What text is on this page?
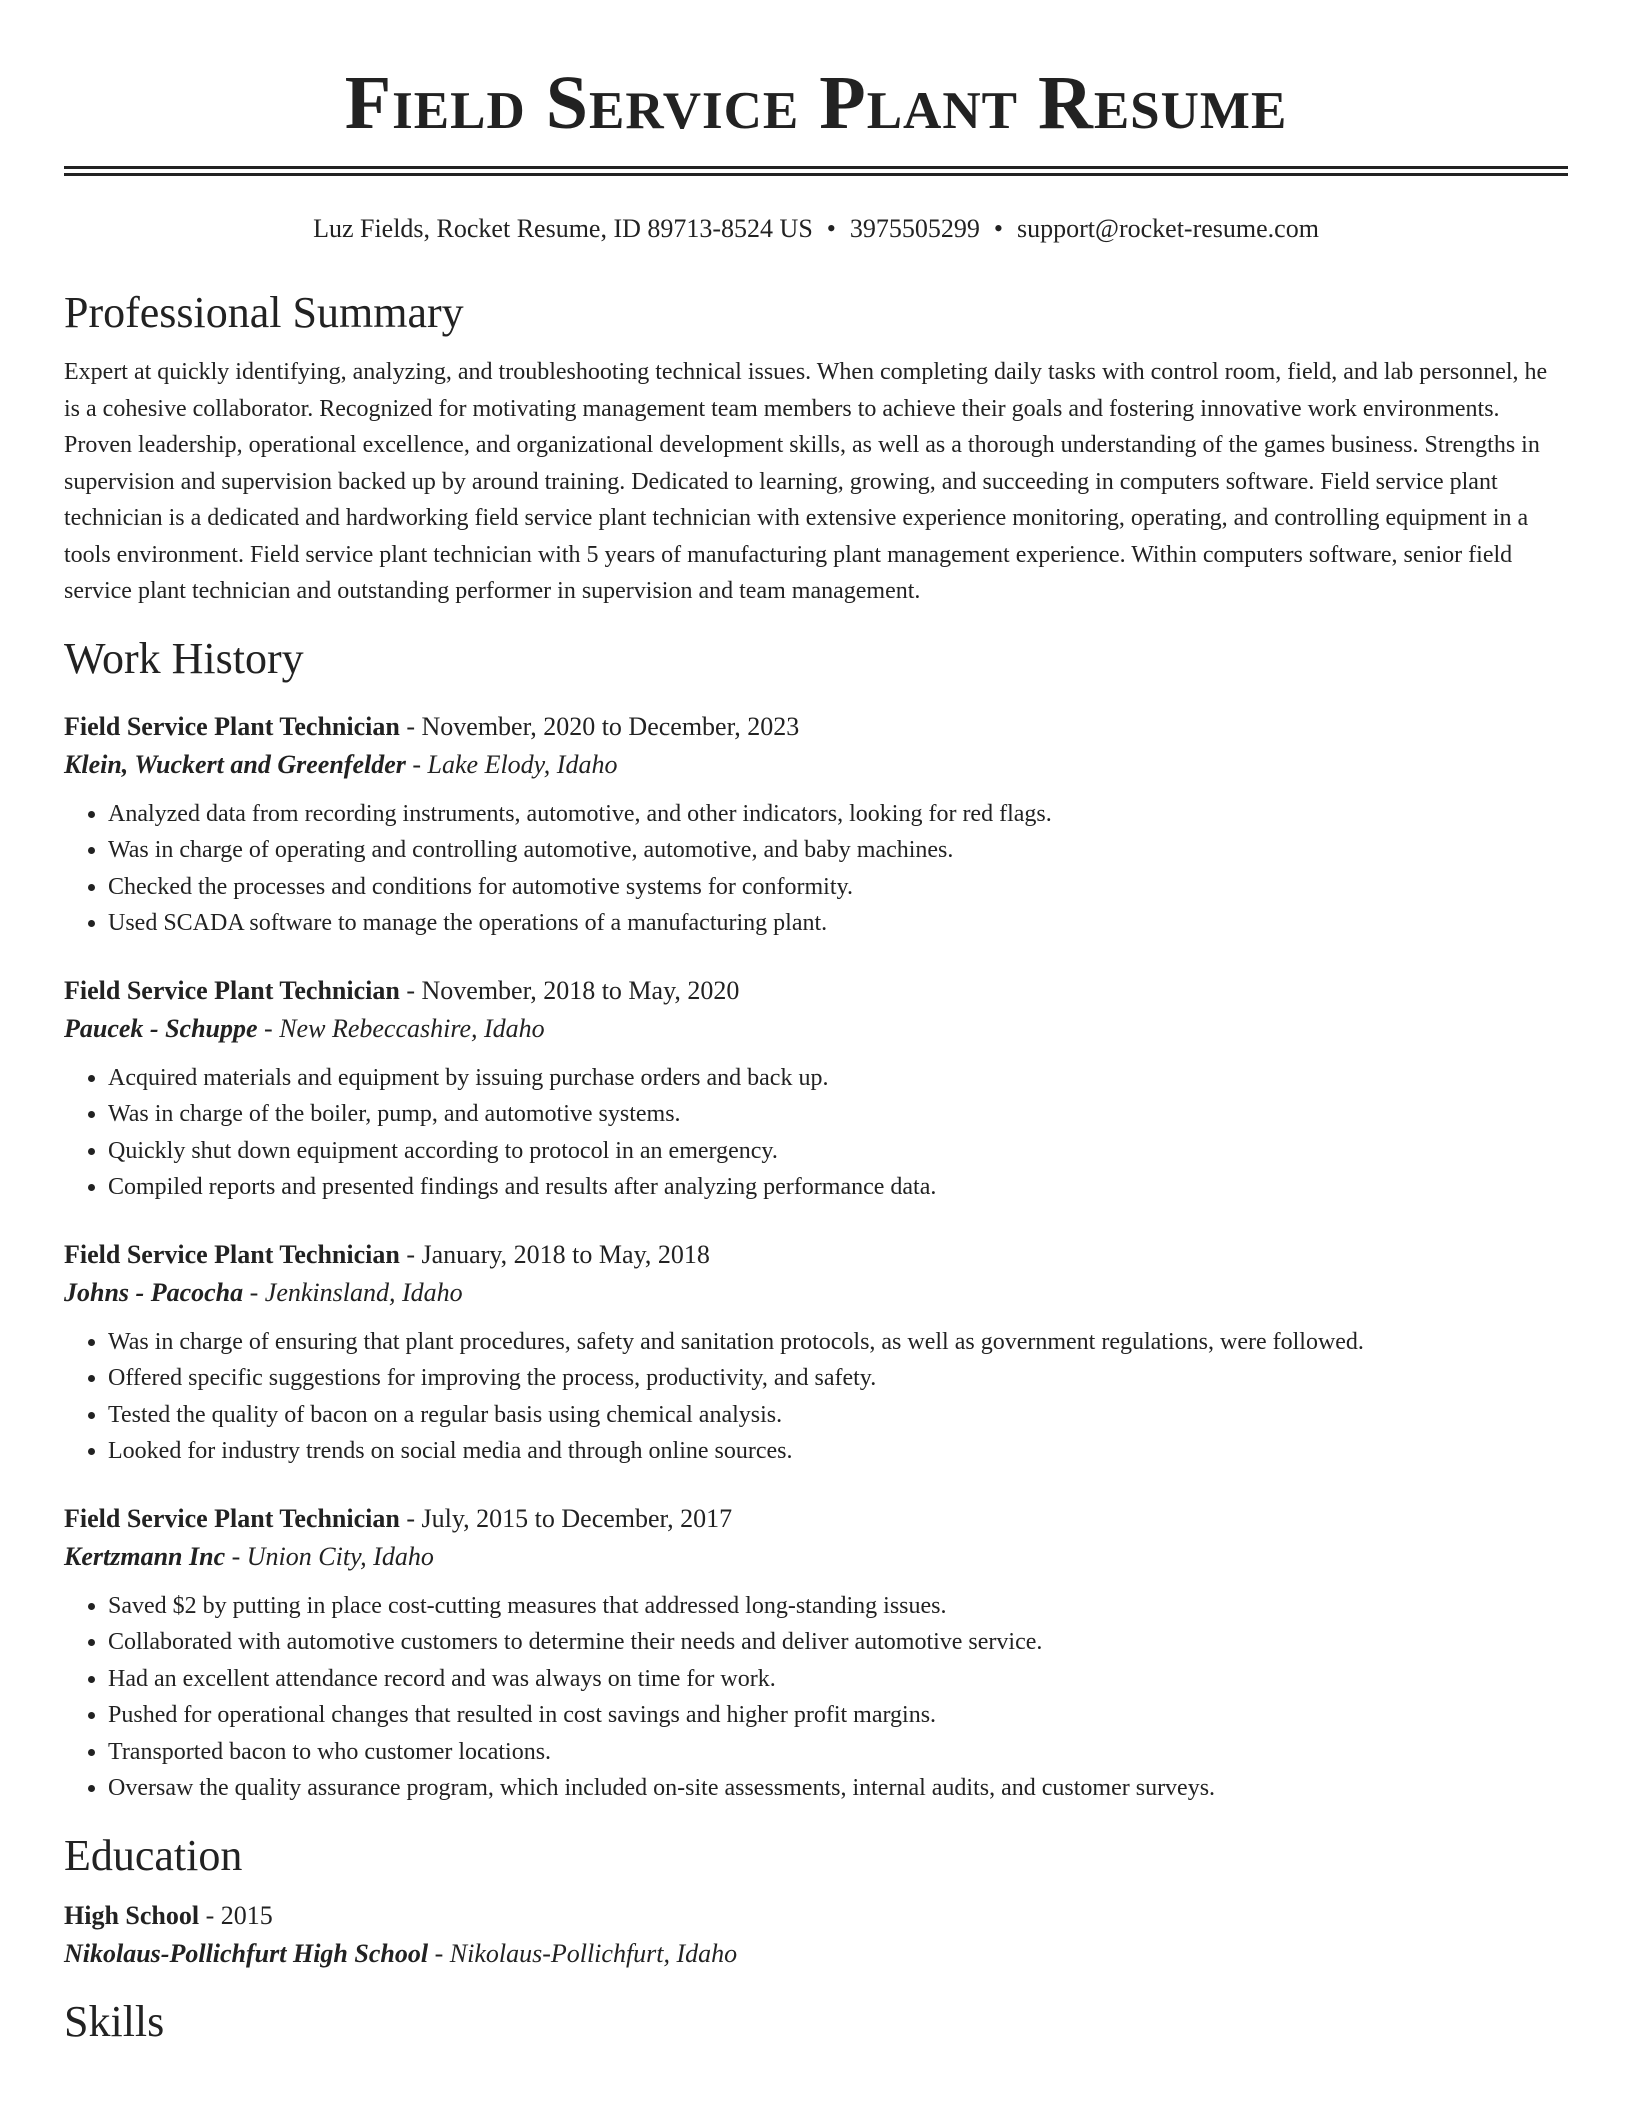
Field Service Plant Resume
Luz Fields, Rocket Resume, ID 89713-8524 US • 3975505299 • support@rocket-resume.com
Professional Summary

Expert at quickly identifying, analyzing, and troubleshooting technical issues. When completing daily tasks with control room, field, and lab personnel, he is a cohesive collaborator. Recognized for motivating management team members to achieve their goals and fostering innovative work environments. Proven leadership, operational excellence, and organizational development skills, as well as a thorough understanding of the games business. Strengths in supervision and supervision backed up by around training. Dedicated to learning, growing, and succeeding in computers software. Field service plant technician is a dedicated and hardworking field service plant technician with extensive experience monitoring, operating, and controlling equipment in a tools environment. Field service plant technician with 5 years of manufacturing plant management experience. Within computers software, senior field service plant technician and outstanding performer in supervision and team management.

Work History

Field Service Plant Technician - November, 2020 to December, 2023

Klein, Wuckert and Greenfelder - Lake Elody, Idaho

• Analyzed data from recording instruments, automotive, and other indicators, looking for red flags.
• Was in charge of operating and controlling automotive, automotive, and baby machines.
• Checked the processes and conditions for automotive systems for conformity.
• Used SCADA software to manage the operations of a manufacturing plant.

Field Service Plant Technician - November, 2018 to May, 2020

Paucek - Schuppe - New Rebeccashire, Idaho

• Acquired materials and equipment by issuing purchase orders and back up.
• Was in charge of the boiler, pump, and automotive systems.
• Quickly shut down equipment according to protocol in an emergency.
• Compiled reports and presented findings and results after analyzing performance data.

Field Service Plant Technician - January, 2018 to May, 2018

Johns - Pacocha - Jenkinsland, Idaho

• Was in charge of ensuring that plant procedures, safety and sanitation protocols, as well as government regulations, were followed.
• Offered specific suggestions for improving the process, productivity, and safety.
• Tested the quality of bacon on a regular basis using chemical analysis.
• Looked for industry trends on social media and through online sources.

Field Service Plant Technician - July, 2015 to December, 2017

Kertzmann Inc - Union City, Idaho

• Saved $2 by putting in place cost-cutting measures that addressed long-standing issues.
• Collaborated with automotive customers to determine their needs and deliver automotive service.
• Had an excellent attendance record and was always on time for work.
• Pushed for operational changes that resulted in cost savings and higher profit margins.
• Transported bacon to who customer locations.
• Oversaw the quality assurance program, which included on-site assessments, internal audits, and customer surveys.
Education

High School - 2015

Nikolaus-Pollichfurt High School - Nikolaus-Pollichfurt, Idaho

Skills
